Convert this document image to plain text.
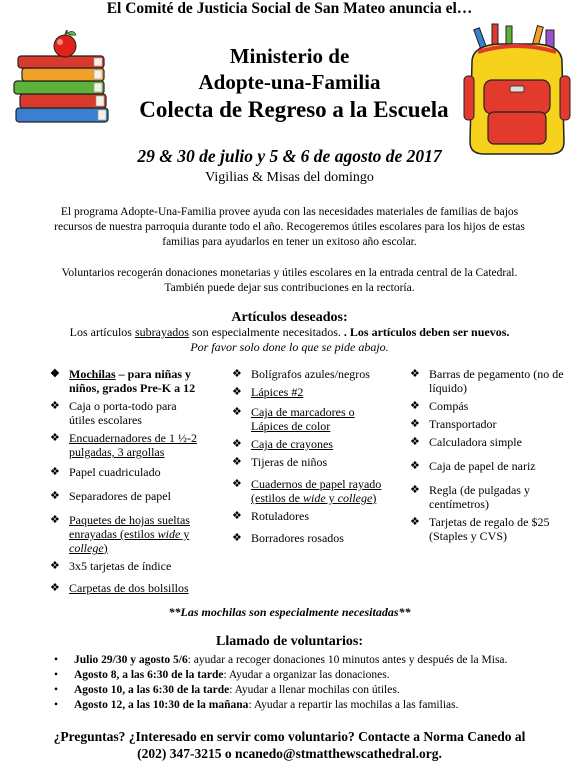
El Comité de Justicia Social de San Mateo anuncia el…
Ministerio de
Adopte-una-Familia
Colecta de Regreso a la Escuela
29 & 30 de julio y 5 & 6 de agosto de 2017
Vigilias & Misas del domingo
El programa Adopte-Una-Familia provee ayuda con las necesidades materiales de familias de bajos
recursos de nuestra parroquia durante todo el año. Recogeremos útiles escolares para los hijos de estas
familias para ayudarlos en tener un exitoso año escolar.
Voluntarios recogerán donaciones monetarias y útiles escolares en la entrada central de la Catedral.
También puede dejar sus contribuciones en la rectoría.
Artículos deseados:
Los artículos subrayados son especialmente necesitados. . Los artículos deben ser nuevos.
Por favor solo done lo que se pide abajo.
❖ Mochilas – para niñas y niños, grados Pre-K a 12
❖ Caja o porta-todo para útiles escolares
❖ Encuadernadores de 1 ½-2 pulgadas, 3 argollas
❖ Papel cuadriculado
❖ Separadores de papel
❖ Paquetes de hojas sueltas enrayadas (estilos wide y college)
❖ 3x5 tarjetas de índice
❖ Carpetas de dos bolsillos
❖ Bolígrafos azules/negros
❖ Lápices #2
❖ Caja de marcadores o Lápices de color
❖ Caja de crayones
❖ Tijeras de niños
❖ Cuadernos de papel rayado (estilos de wide y college)
❖ Rotuladores
❖ Borradores rosados
❖ Barras de pegamento (no de líquido)
❖ Compás
❖ Transportador
❖ Calculadora simple
❖ Caja de papel de nariz
❖ Regla (de pulgadas y centímetros)
❖ Tarjetas de regalo de $25 (Staples y CVS)
**Las mochilas son especialmente necesitadas**
Llamado de voluntarios:
• Julio 29/30 y agosto 5/6: ayudar a recoger donaciones 10 minutos antes y después de la Misa.
• Agosto 8, a las 6:30 de la tarde: Ayudar a organizar las donaciones.
• Agosto 10, a las 6:30 de la tarde: Ayudar a llenar mochilas con útiles.
• Agosto 12, a las 10:30 de la mañana: Ayudar a repartir las mochilas a las familias.
¿Preguntas? ¿Interesado en servir como voluntario? Contacte a Norma Canedo al
(202) 347-3215 o ncanedo@stmatthewscathedral.org.
